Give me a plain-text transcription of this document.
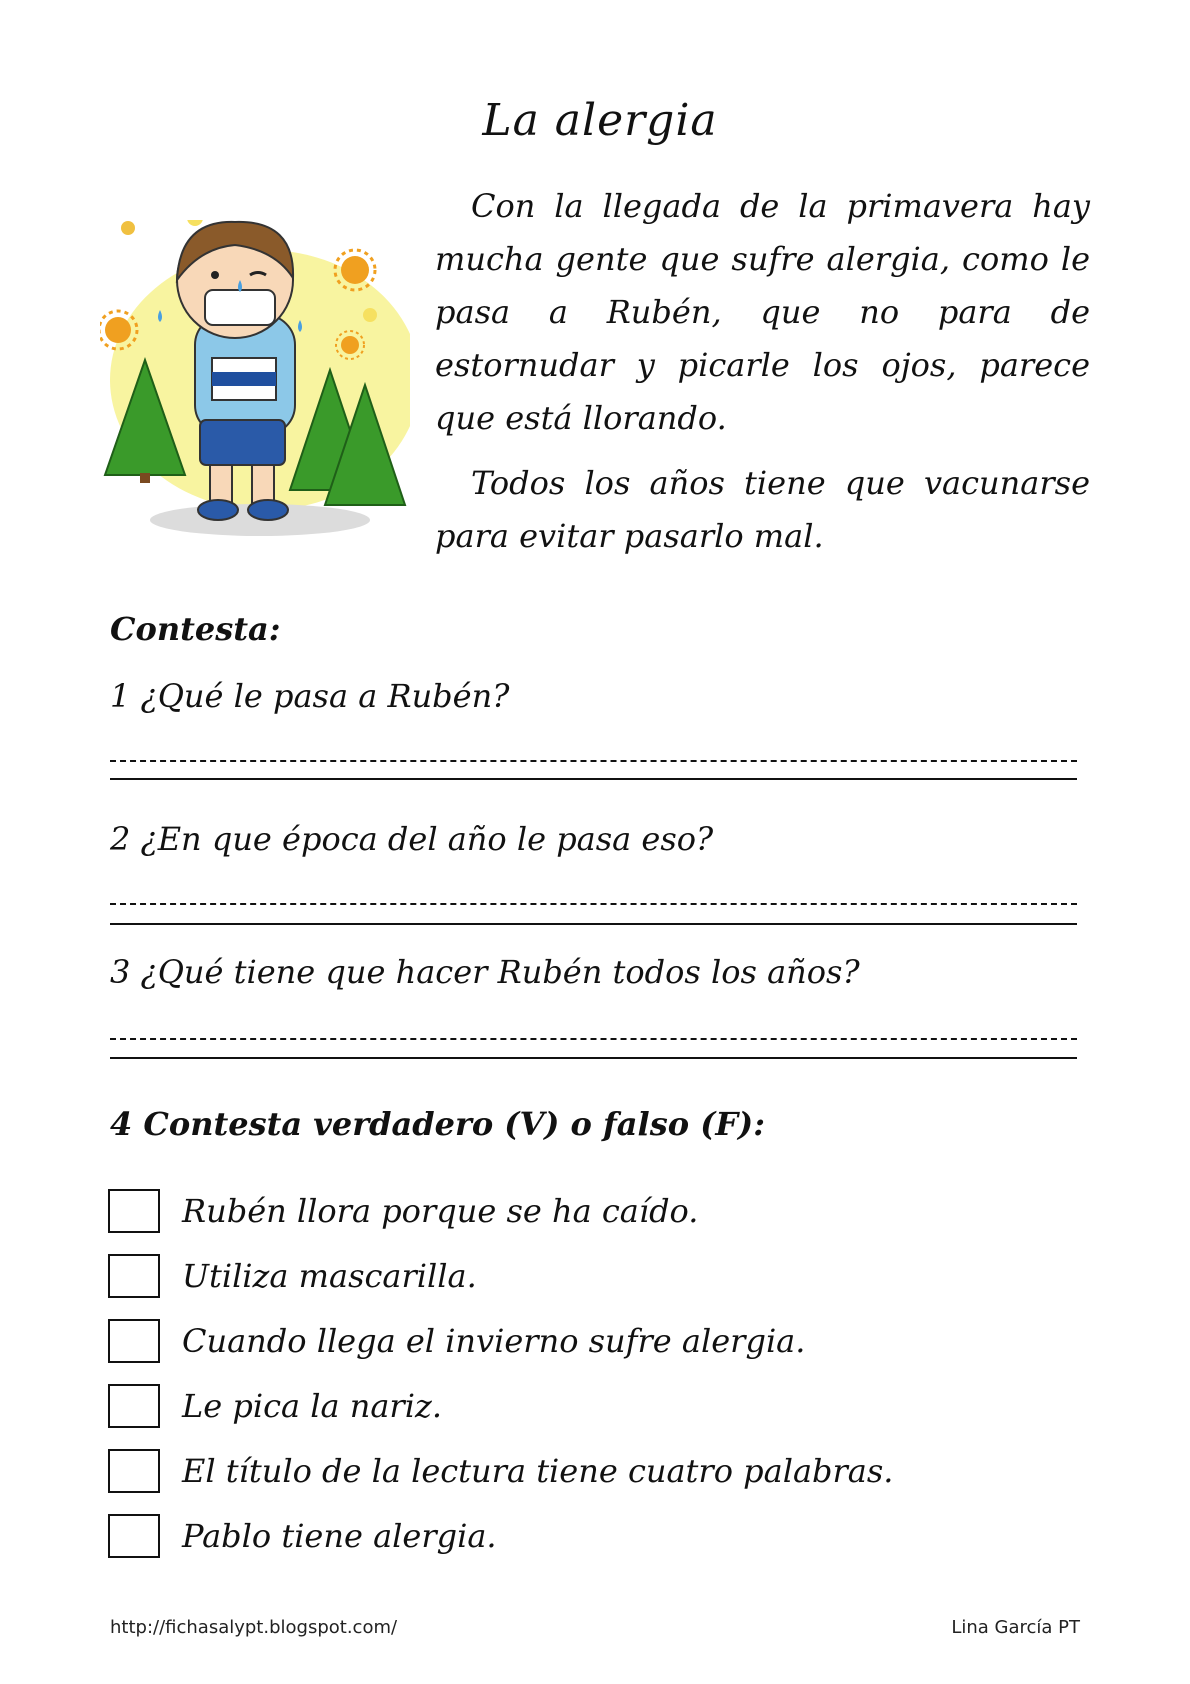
La alergia

Con la llegada de la primavera hay mucha gente que sufre alergia, como le pasa a Rubén, que no para de estornudar y picarle los ojos, parece que está llorando.

Todos los años tiene que vacunarse para evitar pasarlo mal.

Contesta:
1 ¿Qué le pasa a Rubén?
2 ¿En que época del año le pasa eso?
3 ¿Qué tiene que hacer Rubén todos los años?
4 Contesta verdadero (V) o falso (F):
Rubén llora porque se ha caído.
Utiliza mascarilla.
Cuando llega el invierno sufre alergia.
Le pica la nariz.
El título de la lectura tiene cuatro palabras.
Pablo tiene alergia.
http://fichasalypt.blogspot.com/	Lina García PT
